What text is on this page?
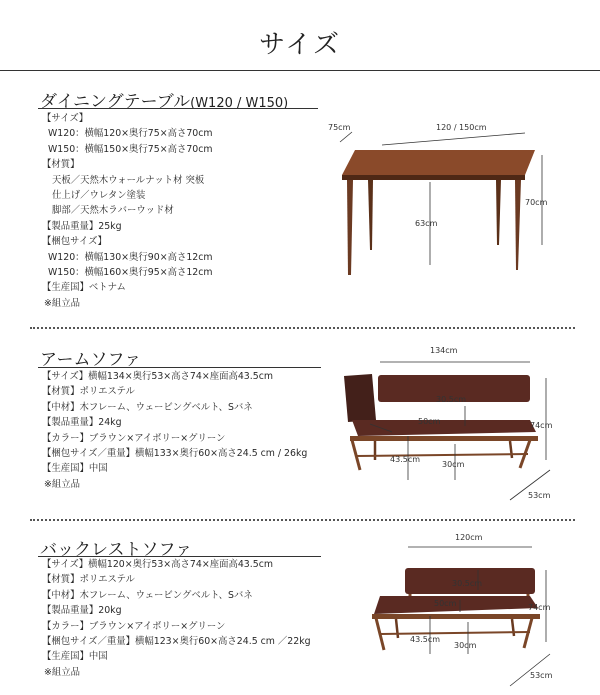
サイズ
ダイニングテーブル(W120 / W150)
【サイズ】
W120：横幅120×奥行75×高さ70cm
W150：横幅150×奥行75×高さ70cm
【材質】
天板／天然木ウォールナット材 突板
仕上げ／ウレタン塗装
脚部／天然木ラバーウッド材
【製品重量】25kg
【梱包サイズ】
W120：横幅130×奥行90×高さ12cm
W150：横幅160×奥行95×高さ12cm
【生産国】ベトナム
※組立品
75cm	120 / 150cm
70cm
63cm
アームソファ
【サイズ】横幅134×奥行53×高さ74×座面高43.5cm
【材質】ポリエステル
【中材】木フレーム、ウェービングベルト、Sバネ
【製品重量】24kg
【カラー】ブラウン×アイボリー×グリーン
【梱包サイズ／重量】横幅133×奥行60×高さ24.5 cm / 26kg
【生産国】中国
※組立品
134cm
30.5cm
50cm	74cm
43.5cm
30cm
53cm
バックレストソファ
【サイズ】横幅120×奥行53×高さ74×座面高43.5cm
【材質】ポリエステル
【中材】木フレーム、ウェービングベルト、Sバネ
【製品重量】20kg
【カラー】ブラウン×アイボリー×グリーン
【梱包サイズ／重量】横幅123×奥行60×高さ24.5 cm ／22kg
【生産国】中国
※組立品
120cm
30.5cm
50cm	74cm
43.5cm
30cm
53cm
